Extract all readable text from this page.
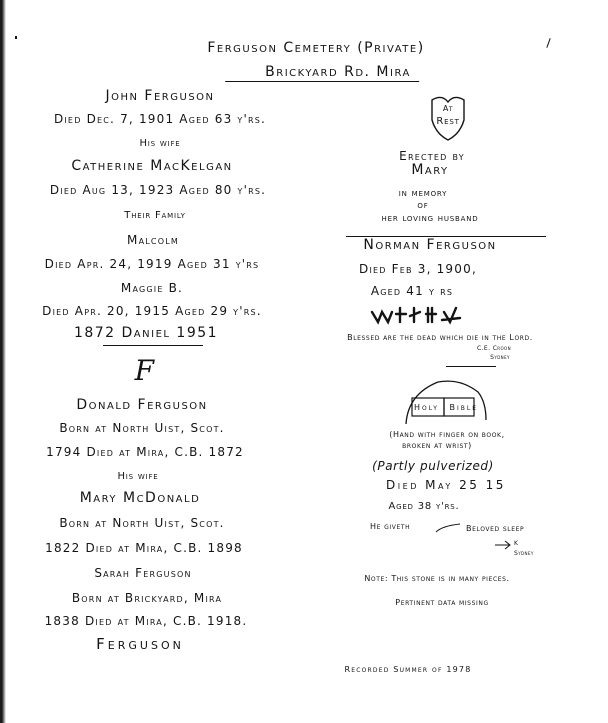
Ferguson Cemetery (Private)
Brickyard Rd. Mira
John Ferguson
Died Dec. 7, 1901 Aged 63 y'rs.
His wife
Catherine MacKelgan
Died Aug 13, 1923 Aged 80 y'rs.
Their Family
Malcolm
Died Apr. 24, 1919 Aged 31 y'rs
Maggie B.
Died Apr. 20, 1915 Aged 29 y'rs.
1872 Daniel 1951
F
Donald Ferguson
Born at North Uist, Scot.
1794 Died at Mira, C.B. 1872
His wife
Mary McDonald
Born at North Uist, Scot.
1822 Died at Mira, C.B. 1898
Sarah Ferguson
Born at Brickyard, Mira
1838 Died at Mira, C.B. 1918.
Ferguson
At
Rest
Erected by
Mary
in memory
of
her loving husband
Norman Ferguson
Died Feb 3, 1900,
Aged 41 y rs
Blessed are the dead which die in the Lord.
C.E. Croon
Sydney
Holy Bible
(Hand with finger on book,
broken at wrist)
(Partly pulverized)
Died May 25 15
Aged 38 y'rs.
He giveth	Beloved sleep
K
Sydney
Note: This stone is in many pieces.
Pertinent data missing
Recorded Summer of 1978
